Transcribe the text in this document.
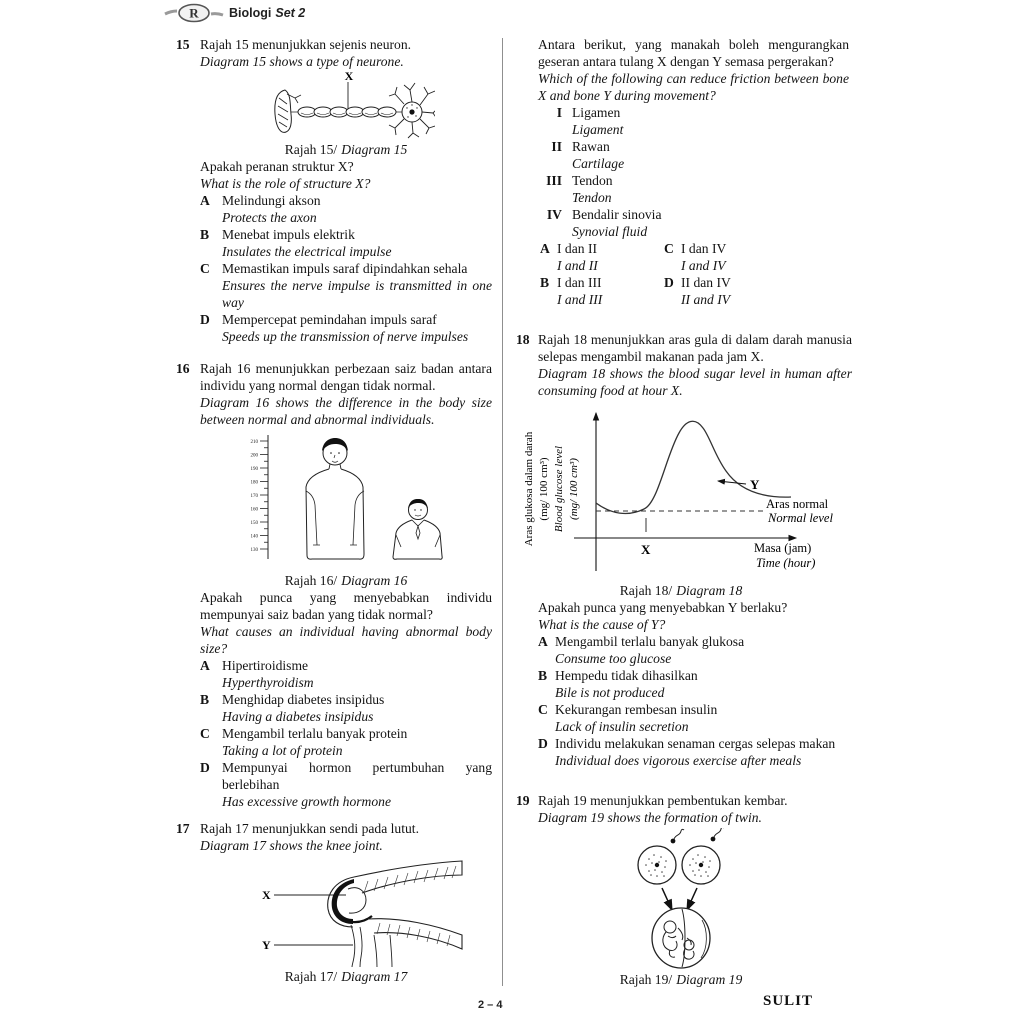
R Biologi Set 2
15 Rajah 15 menunjukkan sejenis neuron.
Diagram 15 shows a type of neurone.
X
Rajah 15/ Diagram 15
Apakah peranan struktur X?
What is the role of structure X?
A Melindungi akson
Protects the axon
B Menebat impuls elektrik
Insulates the electrical impulse
C Memastikan impuls saraf dipindahkan sehala
Ensures the nerve impulse is transmitted in one way
D Mempercepat pemindahan impuls saraf
Speeds up the transmission of nerve impulses
16 Rajah 16 menunjukkan perbezaan saiz badan antara individu yang normal dengan tidak normal.
Diagram 16 shows the difference in the body size between normal and abnormal individuals.
210
200
190
180
170
160
150
140
130
Rajah 16/ Diagram 16
Apakah punca yang menyebabkan individu mempunyai saiz badan yang tidak normal?
What causes an individual having abnormal body size?
A Hipertiroidisme
Hyperthyroidism
B Menghidap diabetes insipidus
Having a diabetes insipidus
C Mengambil terlalu banyak protein
Taking a lot of protein
D Mempunyai hormon pertumbuhan yang berlebihan
Has excessive growth hormone
17 Rajah 17 menunjukkan sendi pada lutut.
Diagram 17 shows the knee joint.
X
Y
Rajah 17/ Diagram 17
Antara berikut, yang manakah boleh mengurangkan geseran antara tulang X dengan Y semasa pergerakan?
Which of the following can reduce friction between bone X and bone Y during movement?
I Ligamen
Ligament
II Rawan
Cartilage
III Tendon
Tendon
IV Bendalir sinovia
Synovial fluid
A I dan II
I and II
C I dan IV
I and IV
B I dan III
I and III
D II dan IV
II and IV
18 Rajah 18 menunjukkan aras gula di dalam darah manusia selepas mengambil makanan pada jam X.
Diagram 18 shows the blood sugar level in human after consuming food at hour X.
Y
X
Aras normal
Normal level
Masa (jam)
Time (hour)
Aras glukosa dalam darah (mg/ 100 cm³) Blood glucose level (mg/ 100 cm³)
Rajah 18/ Diagram 18
Apakah punca yang menyebabkan Y berlaku?
What is the cause of Y?
A Mengambil terlalu banyak glukosa
Consume too glucose
B Hempedu tidak dihasilkan
Bile is not produced
C Kekurangan rembesan insulin
Lack of insulin secretion
D Individu melakukan senaman cergas selepas makan
Individual does vigorous exercise after meals
19 Rajah 19 menunjukkan pembentukan kembar.
Diagram 19 shows the formation of twin.
Rajah 19/ Diagram 19
2 – 4	SULIT
